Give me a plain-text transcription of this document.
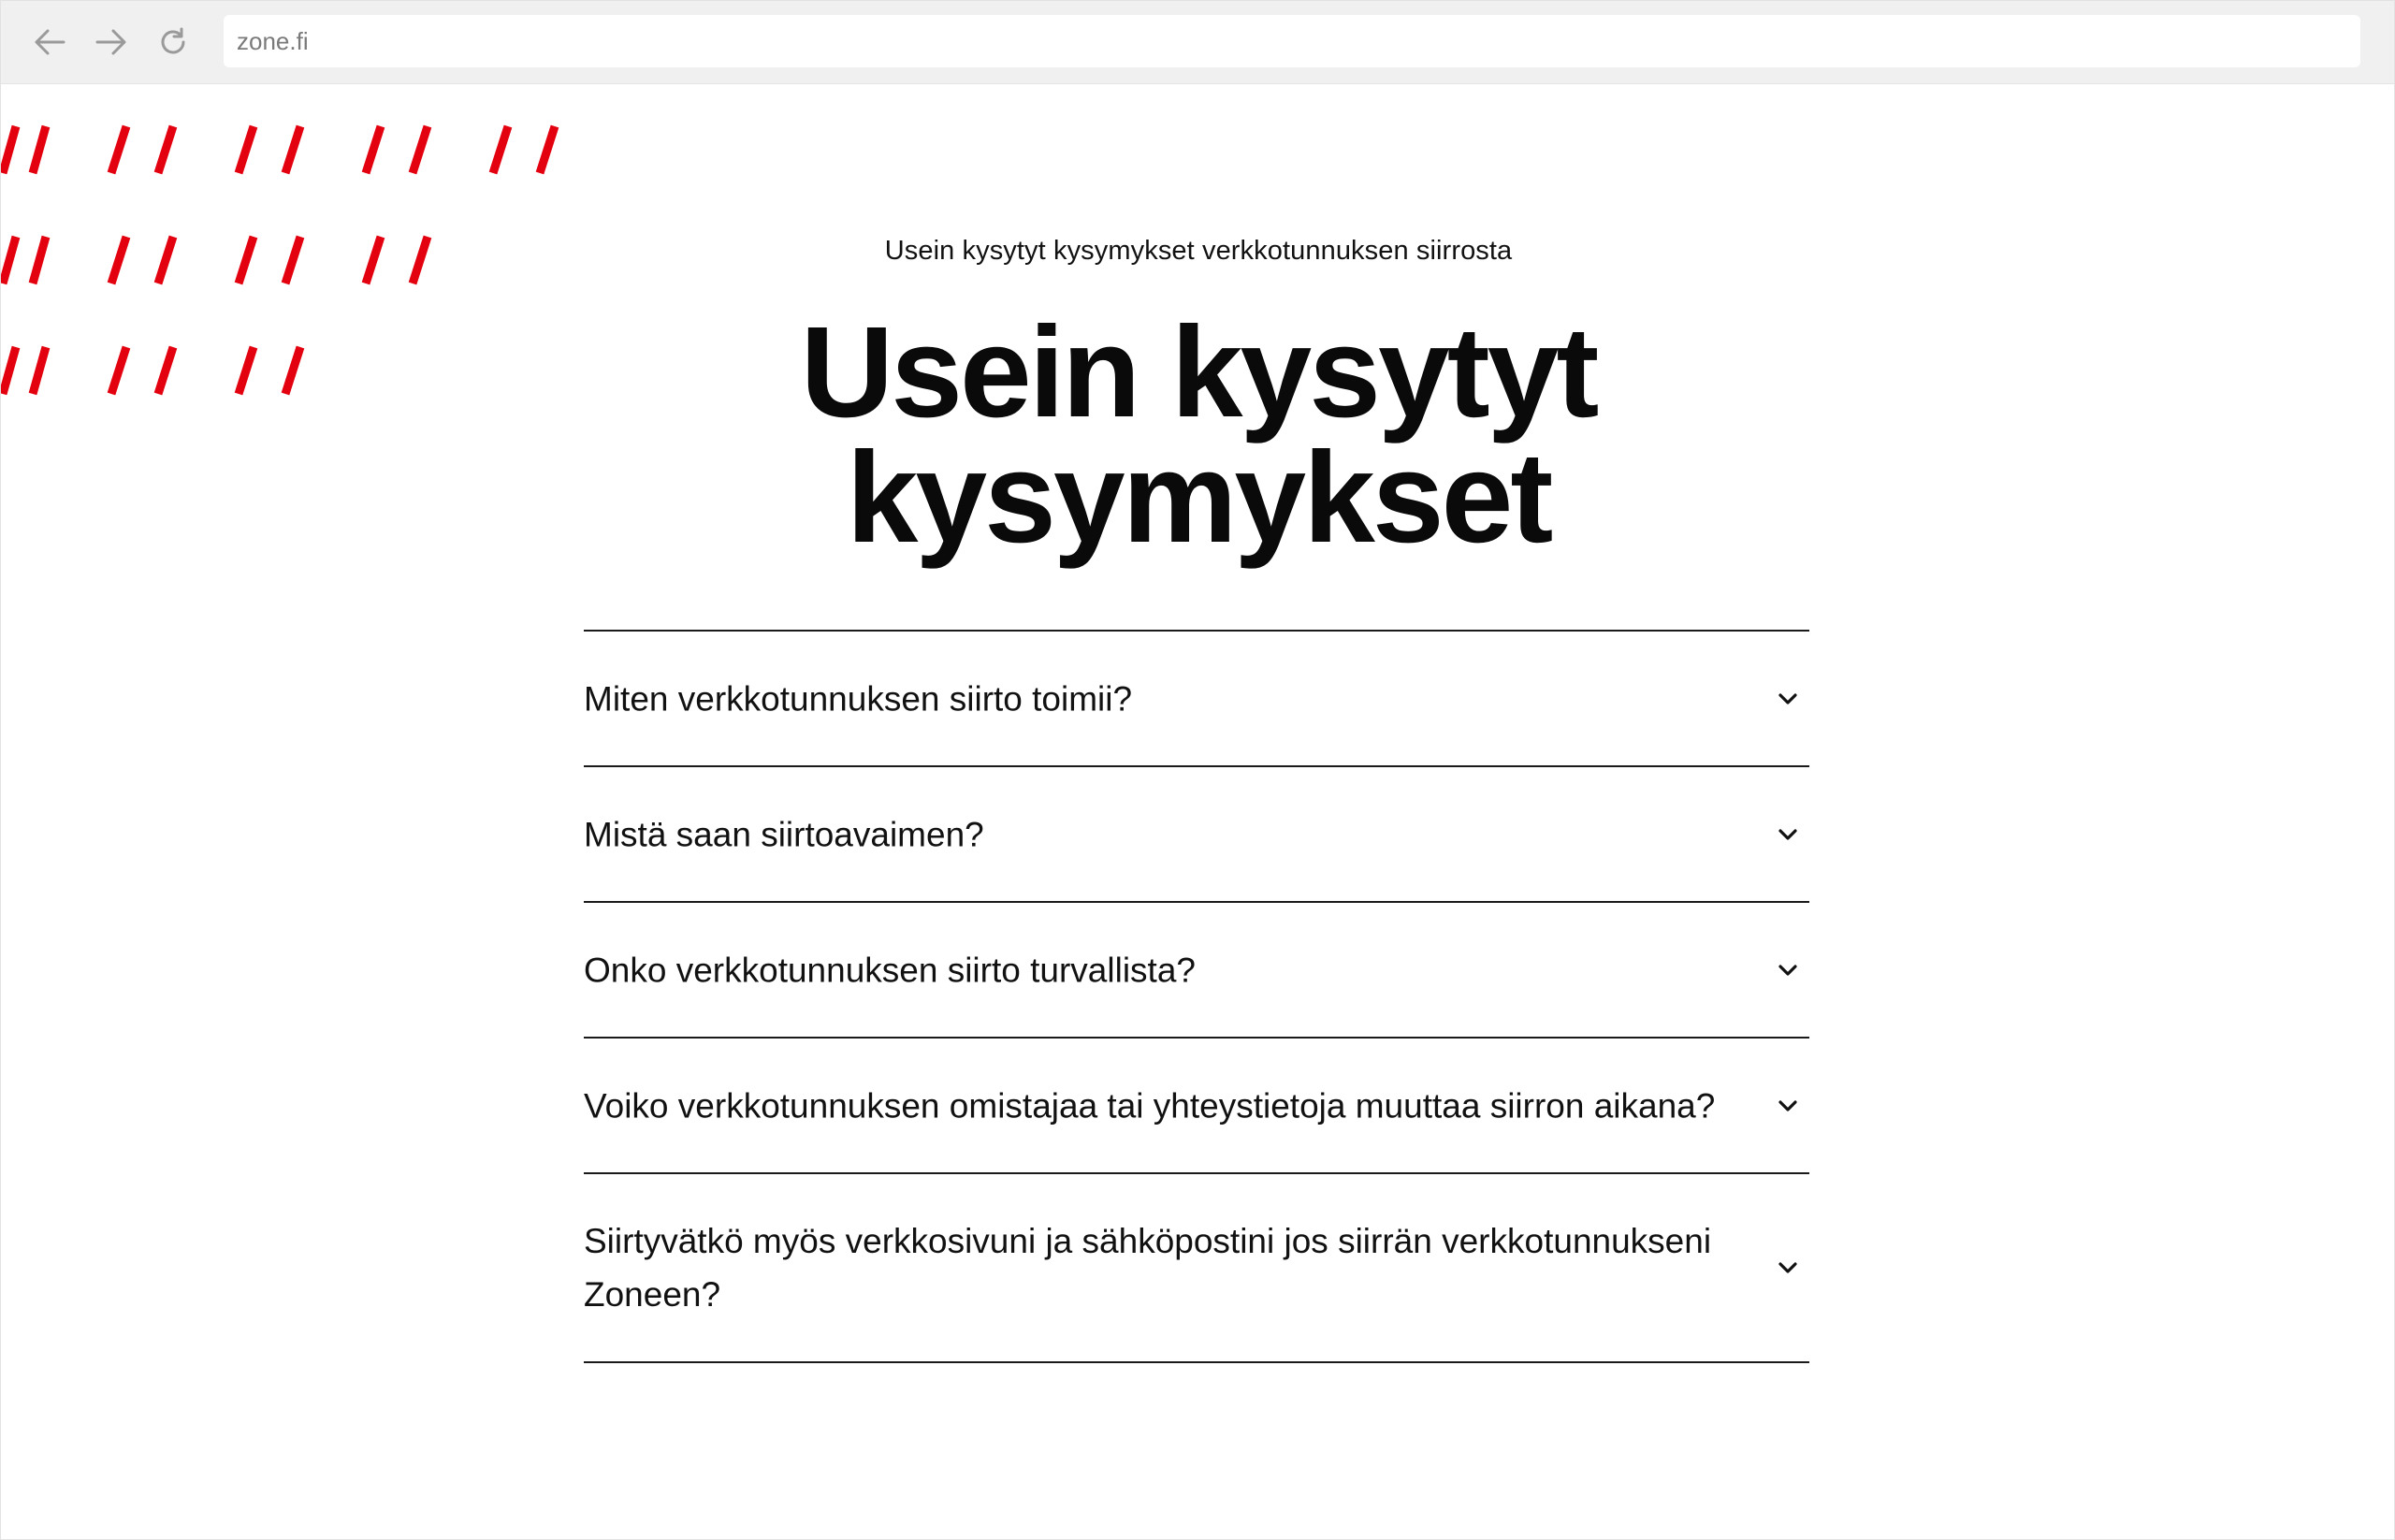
zone.fi
Usein kysytyt kysymykset verkkotunnuksen siirrosta
Usein kysytyt
kysymykset
Miten verkkotunnuksen siirto toimii?
Mistä saan siirtoavaimen?
Onko verkkotunnuksen siirto turvallista?
Voiko verkkotunnuksen omistajaa tai yhteystietoja muuttaa siirron aikana?
Siirtyvätkö myös verkkosivuni ja sähköpostini jos siirrän verkkotunnukseni Zoneen?
